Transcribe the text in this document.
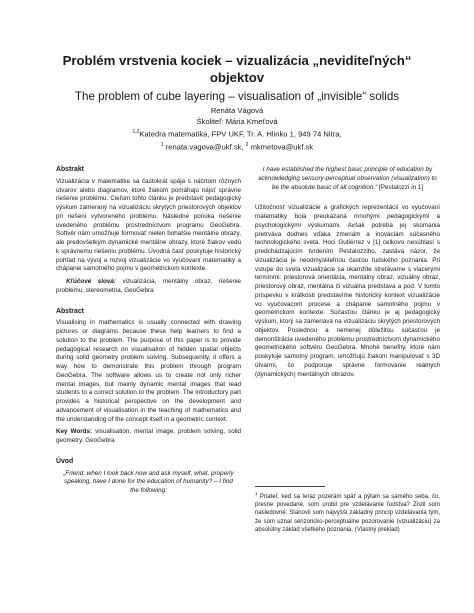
Problém vrstvenia kociek – vizualizácia „neviditeľných“ objektov
The problem of cube layering – visualisation of „invisible“ solids
Renáta Vágová
Školiteľ: Mária Kmeťová
$^{1,2}$Katedra matematika, FPV UKF, Tr. A. Hlinku 1, 949 74 Nitra,
$^1$ renata.vagova@ukf.sk, $^2$ mkmetova@ukf.sk
Abstrakt
Vizualizácia v matematike sa častokrát spája s náčrtom rôznych útvarov alebo diagramov, ktoré žiakom pomáhajú nájsť správne riešenie problému. Cieľom tohto článku je predstaviť pedagogický výskum zameraný na vizualizáciu skrytých priestorových objektov pri riešení vytvoreného problému. Následne ponúka riešenie uvedeného problému prostredníctvom programu GeoGebra. Softvér nám umožňuje formovať nielen bohatšie mentálne obrazy, ale predovšetkým dynamické mentálne obrazy, ktoré žiakov vedú k správnemu riešeniu problému. Úvodná časť poskytuje historický pohľad na vývoj a rozvoj vizualizácie vo vyučovaní matematiky a chápanie samotného pojmu v geometrickom kontexte.
Kľúčové slová: vizualizácia, mentálny obraz, riešenie problému, stereometria, GeoGebra
Abstract
Visualising in mathematics is usually connected with drawing pictures or diagrams because these help learners to find a solution to the problem. The purpose of this paper is to provide pedagogical research on visualisation of hidden spatial objects during solid geometry problem solving. Subsequently, it offers a way how to demonstrate this problem through program GeoGebra. The software allows us to create not only richer mental images, but mainly dynamic mental images that lead students to a correct solution to the problem. The introductory part provides a historical perspective on the development and advancement of visualisation in the teaching of mathematics and the understanding of the concept itself in a geometric context.
Key Words: visualisation, mental image, problem solving, solid geometry, GeoGebra
Úvod
„Friend, when I look back now and ask myself, what, properly speaking, have I done for the education of humanity? – I find the following:
I have established the highest basic principle of education by acknowledging sensory-perceptual observation (visualization) to be the absolute basic of all cognition.“ [Pestalozzi in 1]
Užitočnosť vizualizácie a grafických reprezentácií vo vyučovaní matematiky bola preukázaná mnohými pedagogickými a psychologickými výskumami. Avšak potreba jej skúmania pretrváva dodnes vďaka zmenám a inováciám súčasného technologického sveta. Hoci Gutiérrez v [1] celkovo nesúhlasí s predchádzajúcim tvrdením Pestalozziho, zastáva názor, že vizualizácia je neodmysliteľnou časťou ľudského poznania. Pri vstupe do sveta vizualizácie sa okamžite stretávame s viacerými termínmi: priestorová orientácia, mentálny obraz, vizuálny obraz, priestorový obraz, mentálna či vizuálna predstava a pod. V tomto príspevku v krátkosti predstavíme historický kontext vizualizácie vo vyučovacom procese a chápanie samotného pojmu v geometrickom kontexte. Súčasťou článku je aj pedagogický výskum, ktorý sa zameriava na vizualizáciu skrytých priestorových objektov. Poslednou a nemenej dôležitou súčasťou je demonštrácia uvedeného problému prostredníctvom dynamického geometrického softvéru GeoGebra. Mnohé benefity, ktoré nám poskytuje samotný program, umožňujú žiakom manipulovať s 3D útvarmi, čo podporuje správne formovanie reálnych (dynamických) mentálnych obrazov.
$^1$ Priateľ, keď sa teraz pozerám späť a pýtam sa samého seba, čo, presne povedané, som urobil pre vzdelávanie ľudstva? Zistil som nasledovné: Stanovil som najvyšší základný princíp vzdelávania tým, že som uznal senzoricko-perceptuálne pozorovanie (vizualizáciu) za absolútny základ všetkého poznania. (Vlastný preklad)
